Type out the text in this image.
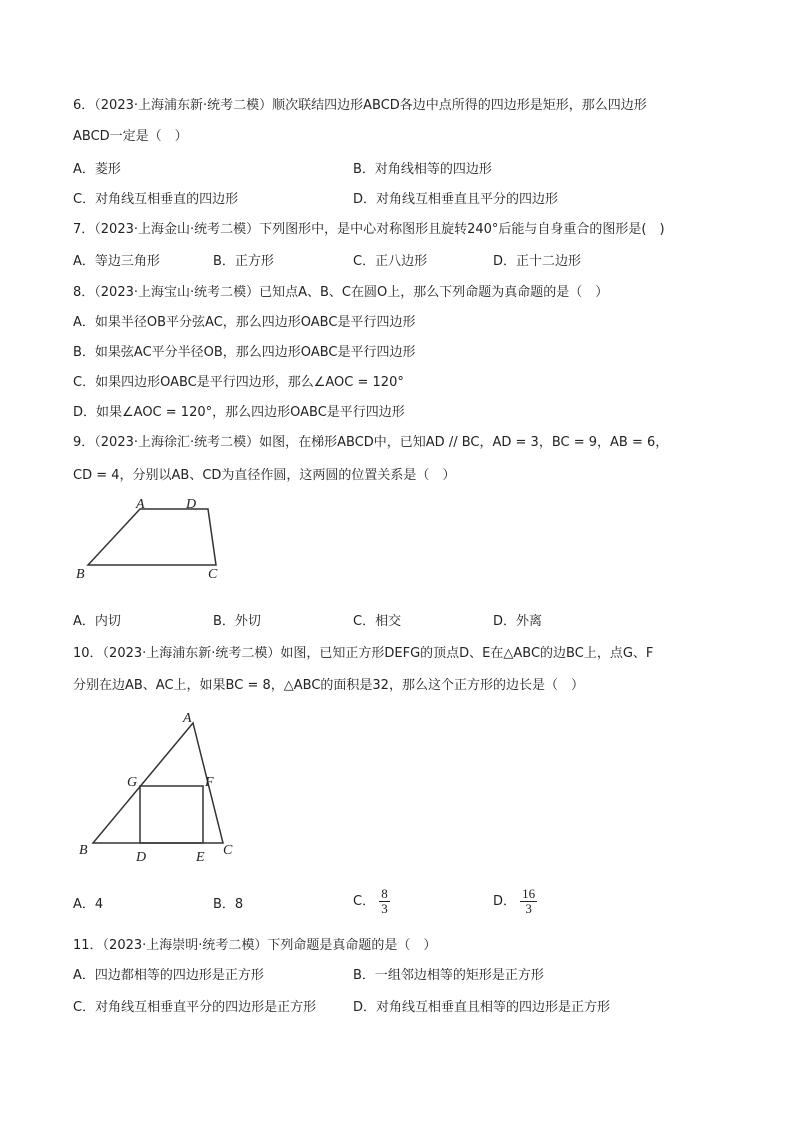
6．（2023·上海浦东新·统考二模）顺次联结四边形ABCD各边中点所得的四边形是矩形，那么四边形
ABCD一定是（　）
A．菱形	B．对角线相等的四边形
C．对角线互相垂直的四边形	D．对角线互相垂直且平分的四边形
7．（2023·上海金山·统考二模）下列图形中，是中心对称图形且旋转240°后能与自身重合的图形是(　)
A．等边三角形	B．正方形	C．正八边形	D．正十二边形
8．（2023·上海宝山·统考二模）已知点A、B、C在圆O上，那么下列命题为真命题的是（　）
A．如果半径OB平分弦AC，那么四边形OABC是平行四边形
B．如果弦AC平分半径OB，那么四边形OABC是平行四边形
C．如果四边形OABC是平行四边形，那么∠AOC = 120°
D．如果∠AOC = 120°，那么四边形OABC是平行四边形
9．（2023·上海徐汇·统考二模）如图，在梯形ABCD中，已知AD // BC，AD = 3，BC = 9，AB = 6，
CD = 4，分别以AB、CD为直径作圆，这两圆的位置关系是（　）
A	D
B	C
A．内切	B．外切	C．相交	D．外离
10．（2023·上海浦东新·统考二模）如图，已知正方形DEFG的顶点D、E在△ABC的边BC上，点G、F
分别在边AB、AC上，如果BC = 8，△ABC的面积是32，那么这个正方形的边长是（　）
A
G	F
B	D	E C
A．4	B．8	C． $\frac{8}{3}$	D． $\frac{16}{3}$
11．（2023·上海崇明·统考二模）下列命题是真命题的是（　）
A．四边都相等的四边形是正方形	B．一组邻边相等的矩形是正方形
C．对角线互相垂直平分的四边形是正方形	D．对角线互相垂直且相等的四边形是正方形
